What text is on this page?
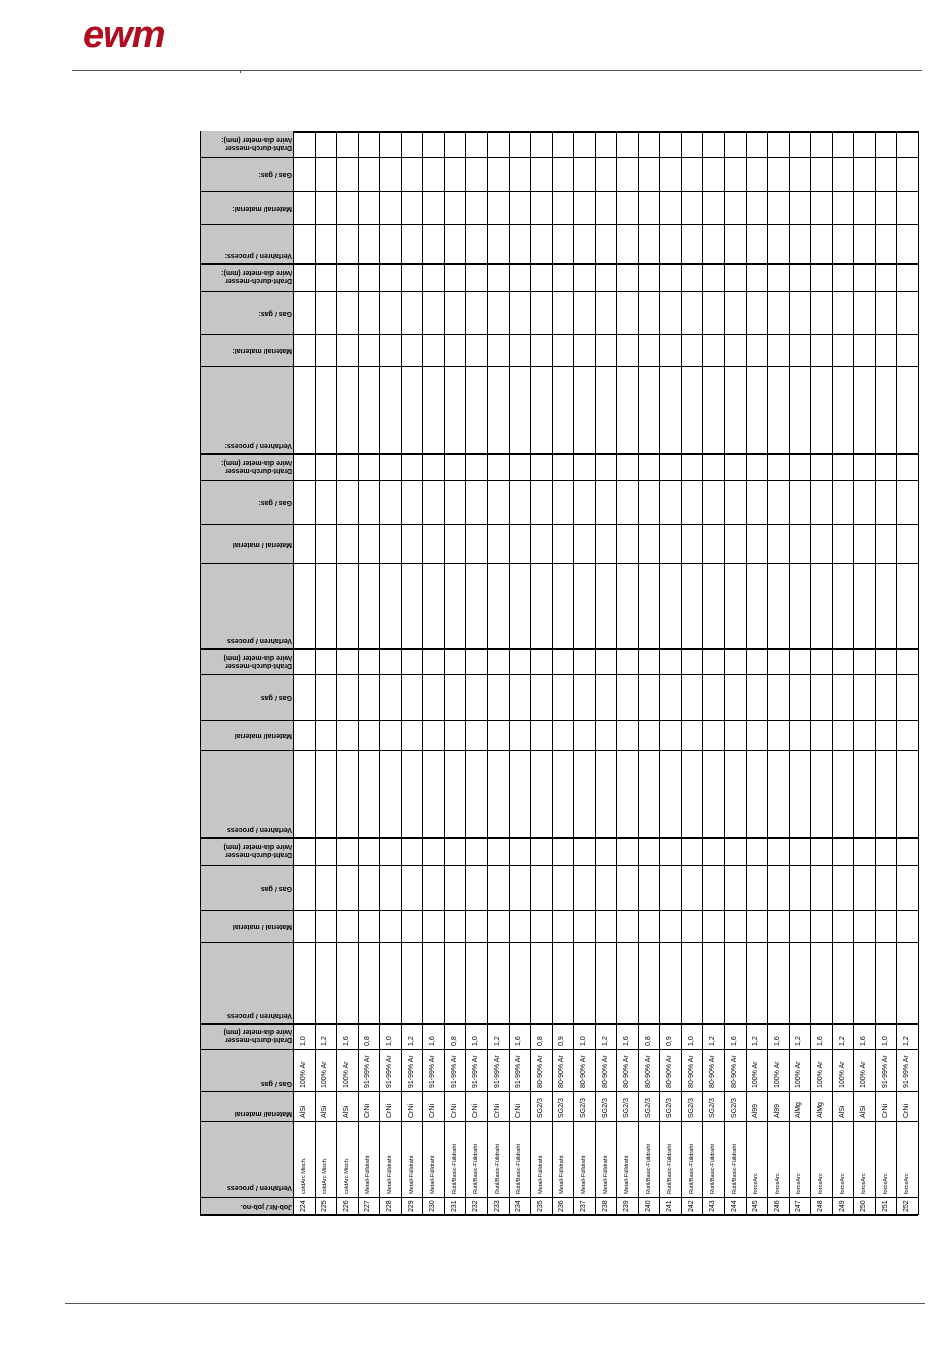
ewm
Draht-durch-messer
/wire dia-meter (mm):
Gas / gas:
Material/ material:
Verfahren / process:
Draht-durch-messer
/wire dia-meter (mm):
Gas / gas:
Material/ material:
Verfahren / process:
Draht-durch-messer
/wire dia-meter (mm):
Gas / gas:
Material / material
Verfahren / process
Draht-durch-messer
/wire dia-meter (mm)
Gas / gas
Material/ material
Verfahren / process
Draht-durch-messer
/wire dia-meter (mm)
Gas / gas
Material / material
Verfahren / process
Draht-durch-messer
/wire dia-meter (mm)
Gas / gas
Material/ material
Verfahren / process
Job-Nr./ job-no.
1,0
100% Ar
AlSi
coldArc Misch.
224
1,2
100% Ar
AlSi
coldArc Misch.
225
1,6
100% Ar
AlSi
coldArc Misch.
226
0,8
91-99% Ar
CrNi
Metall-Fülldraht
227
1,0
91-99% Ar
CrNi
Metall-Fülldraht
228
1,2
91-99% Ar
CrNi
Metall-Fülldraht
229
1,6
91-99% Ar
CrNi
Metall-Fülldraht
230
0,8
91-99% Ar
CrNi
Rutil/Basic-Fülldraht
231
1,0
91-99% Ar
CrNi
Rutil/Basic-Fülldraht
232
1,2
91-99% Ar
CrNi
Rutil/Basic-Fülldraht
233
1,6
91-99% Ar
CrNi
Rutil/Basic-Fülldraht
234
0,8
80-90% Ar
SG2/3
Metall-Fülldraht
235
0,9
80-90% Ar
SG2/3
Metall-Fülldraht
236
1,0
80-90% Ar
SG2/3
Metall-Fülldraht
237
1,2
80-90% Ar
SG2/3
Metall-Fülldraht
238
1,6
80-90% Ar
SG2/3
Metall-Fülldraht
239
0,8
80-90% Ar
SG2/3
Rutil/Basic-Fülldraht
240
0,9
80-90% Ar
SG2/3
Rutil/Basic-Fülldraht
241
1,0
80-90% Ar
SG2/3
Rutil/Basic-Fülldraht
242
1,2
80-90% Ar
SG2/3
Rutil/Basic-Fülldraht
243
1,6
80-90% Ar
SG2/3
Rutil/Basic-Fülldraht
244
1,2
100% Ar
Al99
forceArc
245
1,6
100% Ar
Al99
forceArc
246
1,2
100% Ar
AlMg
forceArc
247
1,6
100% Ar
AlMg
forceArc
248
1,2
100% Ar
AlSi
forceArc
249
1,6
100% Ar
AlSi
forceArc
250
1,0
91-99% Ar
CrNi
forceArc
251
1,2
91-99% Ar
CrNi
forceArc
252
